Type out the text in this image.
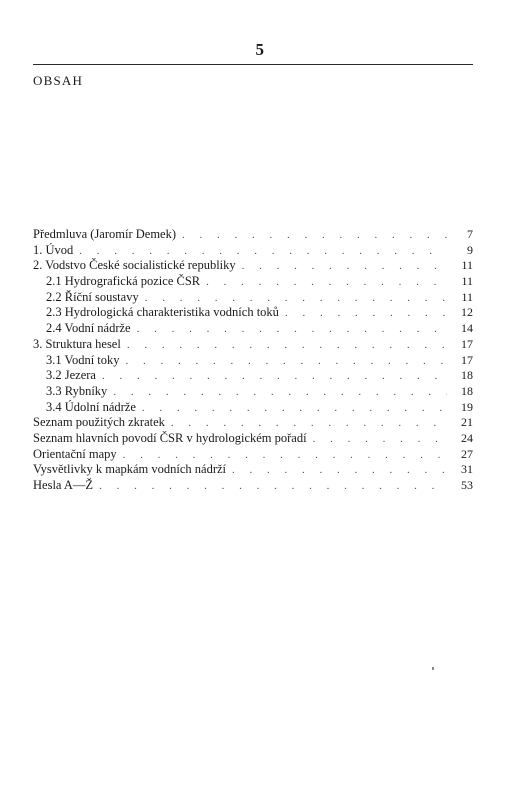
5
OBSAH
Předmluva (Jaromír Demek) . . .	7
1. Úvod . . .	9
2. Vodstvo České socialistické republiky . . .	11
2.1 Hydrografická pozice ČSR . . .	11
2.2 Říční soustavy . . .	11
2.3 Hydrologická charakteristika vodních toků . . .	12
2.4 Vodní nádrže . . .	14
3. Struktura hesel . . .	17
3.1 Vodní toky . . .	17
3.2 Jezera . . .	18
3.3 Rybníky . . .	18
3.4 Údolní nádrže . . .	19
Seznam použitých zkratek . . .	21
Seznam hlavních povodí ČSR v hydrologickém pořadí . . .	24
Orientační mapy . . .	27
Vysvětlivky k mapkám vodních nádrží . . .	31
Hesla A—Ž . . .	53
